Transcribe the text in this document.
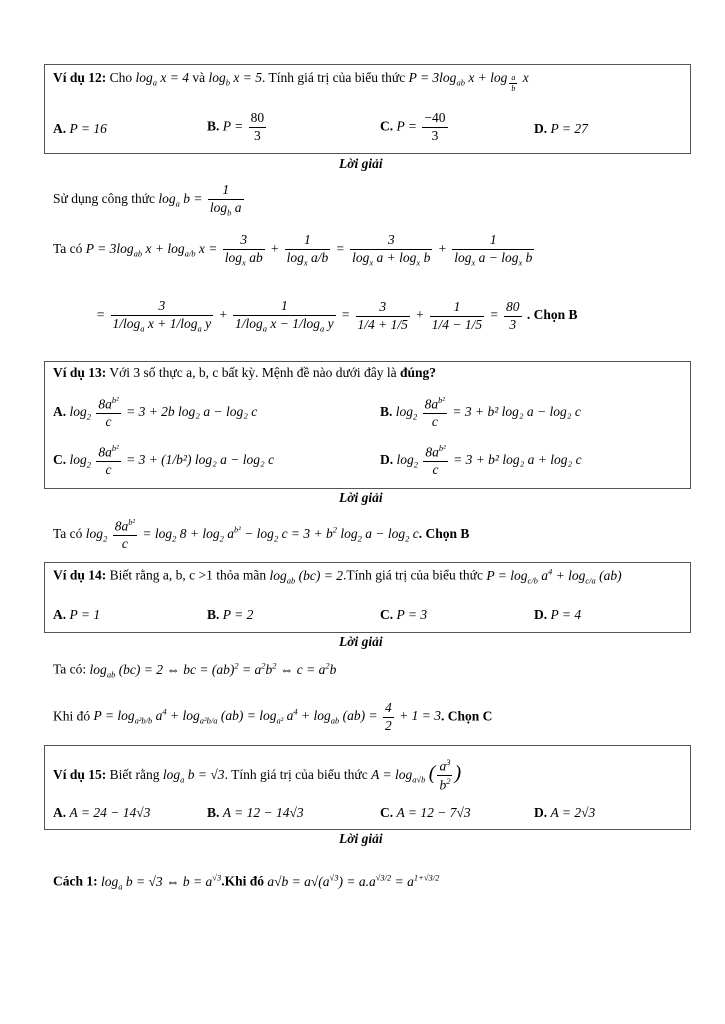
Ví dụ 12: Cho $\log_a x = 4$ và $\log_b x = 5$. Tính giá trị của biểu thức $P = 3\log_{ab}$ x + log $_{\frac{a}{b}}$ x
A. P = 16	B. $P = \frac{80}{3}$	C. $P = \frac{-40}{3}$	D. P = 27
Lời giải
Sử dụng công thức $\log_a b = \frac{1}{\log_b a}$
Ta có $P = 3\log_{ab}$ $x + \log_{a/b} x = \frac{3}{\log_x ab} + \frac{1}{\log_x a/b} = \frac{3}{\log_x a + \log_x b} + \frac{1}{\log_x a - \log_x b}$
= $\frac{3}{1/\log_a x + 1/\log_a y} + \frac{1}{1/\log_a x - 1/\log_a y} = \frac{3}{1/4 + 1/5} + \frac{1}{1/4 - 1/5} = \frac{80}{3}$ . Chọn B
Ví dụ 13: Với 3 số thực a, b, c bất kỳ. Mệnh đề nào dưới đây là đúng?
A. $\log_2 \frac{8a^{b^2}}{c} = 3 + 2b$ log₂ a − log₂ c	B. $\log_2 \frac{8a^{b^2}}{c} = 3 + b^2$ log₂ a − log₂ c
C. $\log_2 \frac{8a^{b^2}}{c} = 3 + (1/b^2)$ log₂ a − log₂ c	D. $\log_2 \frac{8a^{b^2}}{c} = 3 + b^2$ log₂ a + log₂ c
Lời giải
Ta có $\log_2 \frac{8a^{b^2}}{c} = \log_2 8 + \log_2 a^{b^2} - \log_2 c = 3 + b^2$ $\log_2 a - \log_2 c$. Chọn B
Ví dụ 14: Biết rằng a, b, c >1 thỏa mãn $\log_{ab} (bc)$ = 2.Tính giá trị của biểu thức $P = \log_{c/b} a^4 + \log_{c/a} (ab)$
A. P = 1	B. P = 2	C. P = 3	D. P = 4
Lời giải
Ta có: $\log_{ab} (bc) = 2$ ⇔ bc = $(ab)^2 = a^2b^2$ ⇔ $c = a^2b$
Khi đó $P = \log_{a^2b/b} a^4 + \log_{a^2b/a} (ab) = \log_{a^2} a^4 + \log_{ab} (ab) = \frac{4}{2} + 1 = 3$. Chọn C
Ví dụ 15: Biết rằng $\log_a b = √3$. Tính giá trị của biểu thức $A = \log_{a√b}$ ( $\frac{a^3}{b^2}$ )
A. A = 24 − 14√3	B. A = 12 − 14√3	C. A = 12 − 7√3	D. A = 2√3
Lời giải
Cách 1: $\log_a b = √3$ ⇔ $b = a^{√3}.Khi$ đó $a√b = a√(a^{√3}) = a.a^{√3/2} = a^{1+√3/2}$
